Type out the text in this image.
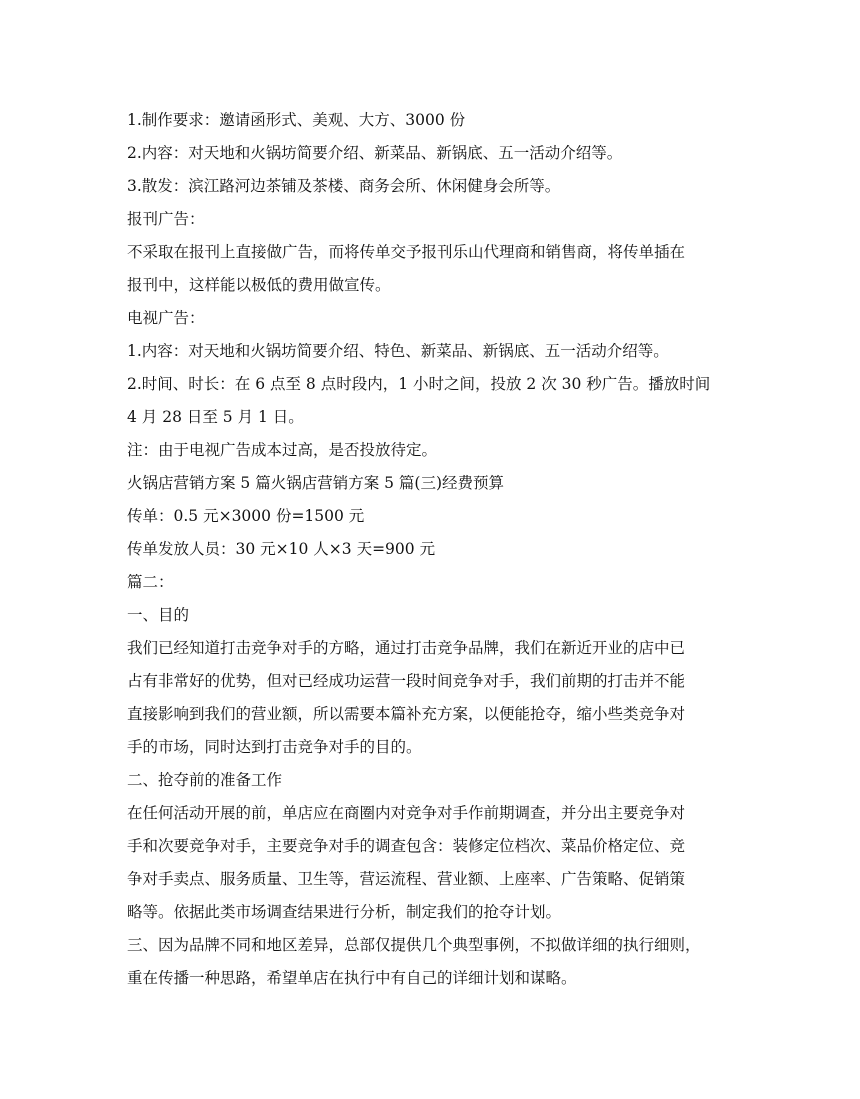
1.制作要求：邀请函形式、美观、大方、3000 份
2.内容：对天地和火锅坊简要介绍、新菜品、新锅底、五一活动介绍等。
3.散发：滨江路河边茶铺及茶楼、商务会所、休闲健身会所等。
报刊广告：
不采取在报刊上直接做广告，而将传单交予报刊乐山代理商和销售商，将传单插在
报刊中，这样能以极低的费用做宣传。
电视广告：
1.内容：对天地和火锅坊简要介绍、特色、新菜品、新锅底、五一活动介绍等。
2.时间、时长：在 6 点至 8 点时段内，1 小时之间，投放 2 次 30 秒广告。播放时间
4 月 28 日至 5 月 1 日。
注：由于电视广告成本过高，是否投放待定。
火锅店营销方案 5 篇火锅店营销方案 5 篇(三)经费预算
传单：0.5 元×3000 份=1500 元
传单发放人员：30 元×10 人×3 天=900 元
篇二：
一、目的
我们已经知道打击竞争对手的方略，通过打击竞争品牌，我们在新近开业的店中已
占有非常好的优势，但对已经成功运营一段时间竞争对手，我们前期的打击并不能
直接影响到我们的营业额，所以需要本篇补充方案，以便能抢夺，缩小些类竞争对
手的市场，同时达到打击竞争对手的目的。
二、抢夺前的准备工作
在任何活动开展的前，单店应在商圈内对竞争对手作前期调查，并分出主要竞争对
手和次要竞争对手，主要竞争对手的调查包含：装修定位档次、菜品价格定位、竞
争对手卖点、服务质量、卫生等，营运流程、营业额、上座率、广告策略、促销策
略等。依据此类市场调查结果进行分析，制定我们的抢夺计划。
三、因为品牌不同和地区差异，总部仅提供几个典型事例，不拟做详细的执行细则，
重在传播一种思路，希望单店在执行中有自己的详细计划和谋略。
